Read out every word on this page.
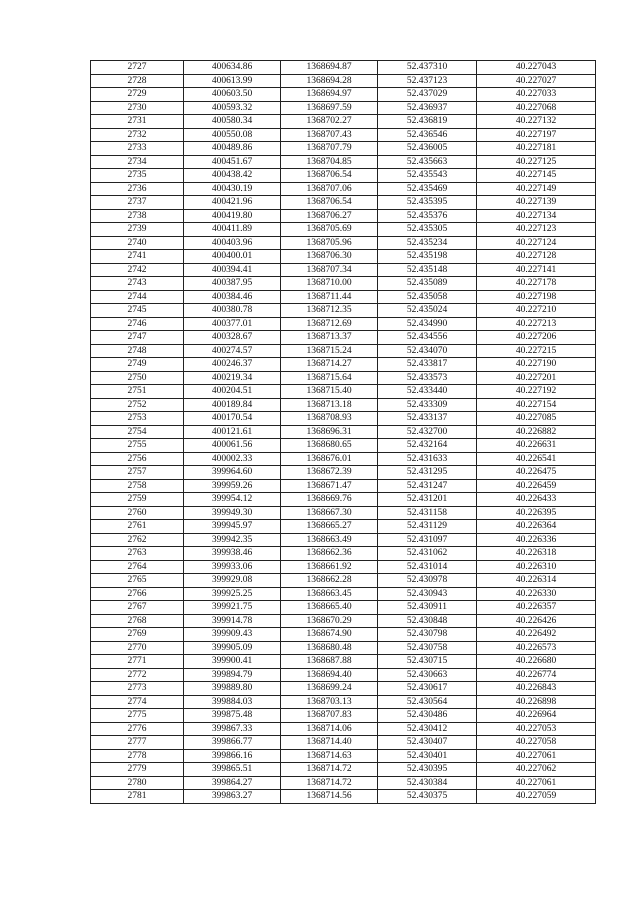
2727	400634.86	1368694.87	52.437310	40.227043
2728	400613.99	1368694.28	52.437123	40.227027
2729	400603.50	1368694.97	52.437029	40.227033
2730	400593.32	1368697.59	52.436937	40.227068
2731	400580.34	1368702.27	52.436819	40.227132
2732	400550.08	1368707.43	52.436546	40.227197
2733	400489.86	1368707.79	52.436005	40.227181
2734	400451.67	1368704.85	52.435663	40.227125
2735	400438.42	1368706.54	52.435543	40.227145
2736	400430.19	1368707.06	52.435469	40.227149
2737	400421.96	1368706.54	52.435395	40.227139
2738	400419.80	1368706.27	52.435376	40.227134
2739	400411.89	1368705.69	52.435305	40.227123
2740	400403.96	1368705.96	52.435234	40.227124
2741	400400.01	1368706.30	52.435198	40.227128
2742	400394.41	1368707.34	52.435148	40.227141
2743	400387.95	1368710.00	52.435089	40.227178
2744	400384.46	1368711.44	52.435058	40.227198
2745	400380.78	1368712.35	52.435024	40.227210
2746	400377.01	1368712.69	52.434990	40.227213
2747	400328.67	1368713.37	52.434556	40.227206
2748	400274.57	1368715.24	52.434070	40.227215
2749	400246.37	1368714.27	52.433817	40.227190
2750	400219.34	1368715.64	52.433573	40.227201
2751	400204.51	1368715.40	52.433440	40.227192
2752	400189.84	1368713.18	52.433309	40.227154
2753	400170.54	1368708.93	52.433137	40.227085
2754	400121.61	1368696.31	52.432700	40.226882
2755	400061.56	1368680.65	52.432164	40.226631
2756	400002.33	1368676.01	52.431633	40.226541
2757	399964.60	1368672.39	52.431295	40.226475
2758	399959.26	1368671.47	52.431247	40.226459
2759	399954.12	1368669.76	52.431201	40.226433
2760	399949.30	1368667.30	52.431158	40.226395
2761	399945.97	1368665.27	52.431129	40.226364
2762	399942.35	1368663.49	52.431097	40.226336
2763	399938.46	1368662.36	52.431062	40.226318
2764	399933.06	1368661.92	52.431014	40.226310
2765	399929.08	1368662.28	52.430978	40.226314
2766	399925.25	1368663.45	52.430943	40.226330
2767	399921.75	1368665.40	52.430911	40.226357
2768	399914.78	1368670.29	52.430848	40.226426
2769	399909.43	1368674.90	52.430798	40.226492
2770	399905.09	1368680.48	52.430758	40.226573
2771	399900.41	1368687.88	52.430715	40.226680
2772	399894.79	1368694.40	52.430663	40.226774
2773	399889.80	1368699.24	52.430617	40.226843
2774	399884.03	1368703.13	52.430564	40.226898
2775	399875.48	1368707.83	52.430486	40.226964
2776	399867.33	1368714.06	52.430412	40.227053
2777	399866.77	1368714.40	52.430407	40.227058
2778	399866.16	1368714.63	52.430401	40.227061
2779	399865.51	1368714.72	52.430395	40.227062
2780	399864.27	1368714.72	52.430384	40.227061
2781	399863.27	1368714.56	52.430375	40.227059
